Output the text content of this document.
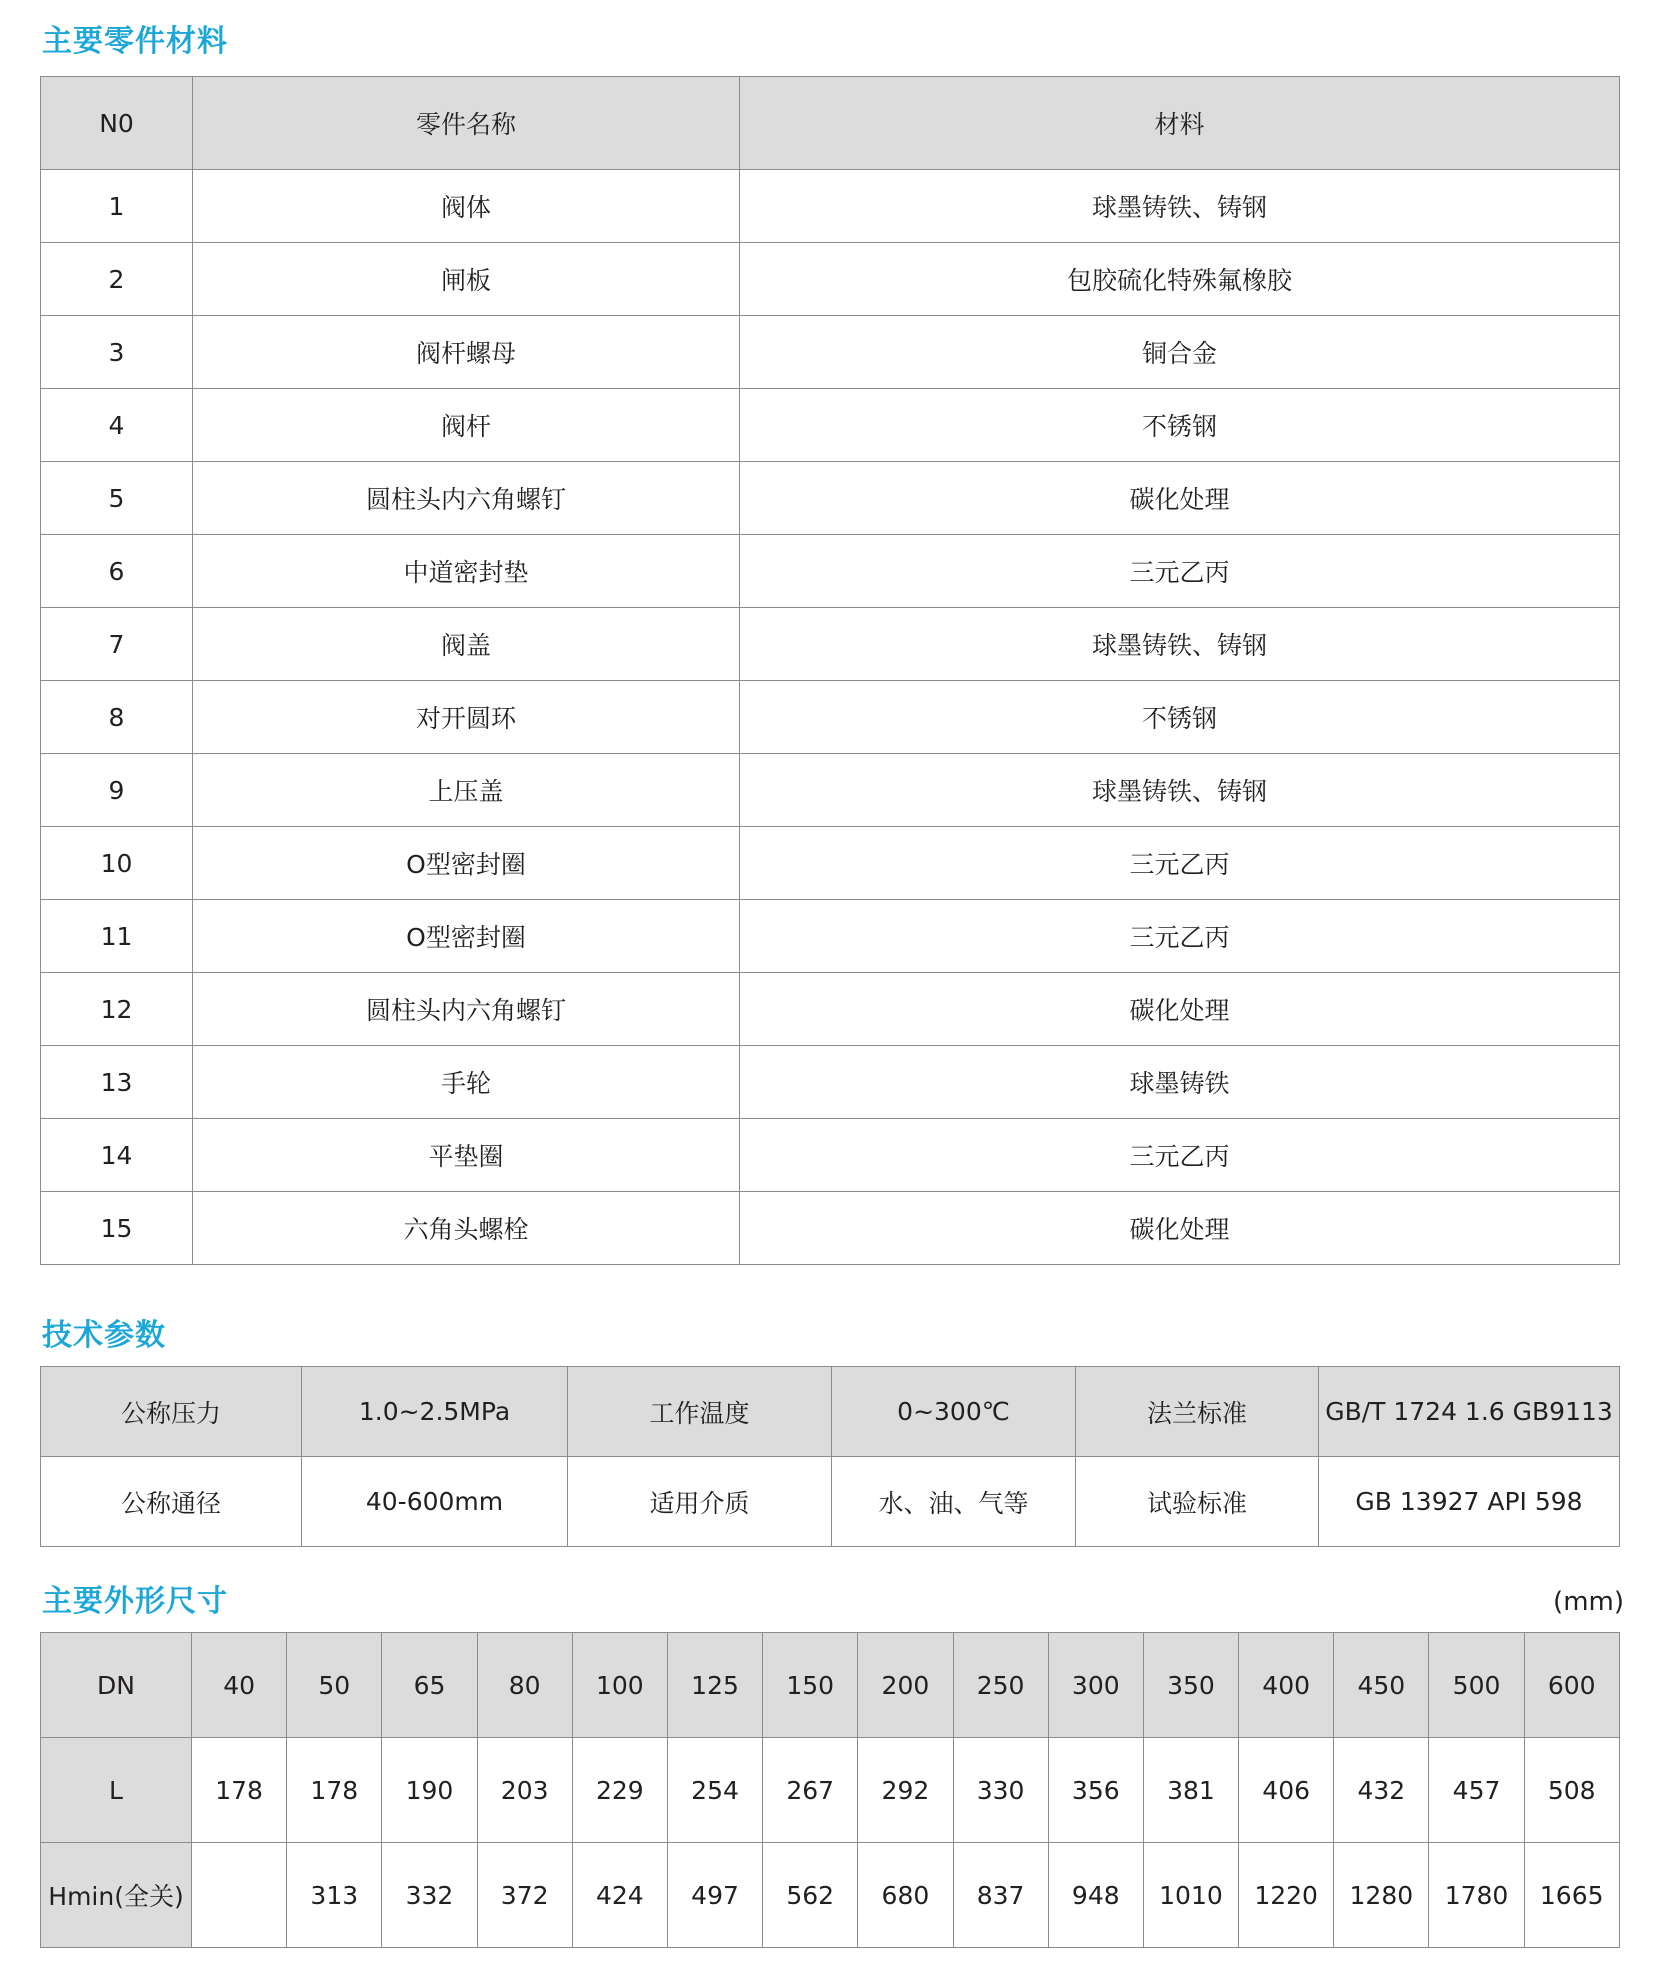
主要零件材料
N0	零件名称	材料
1	阀体	球墨铸铁、铸钢
2	闸板	包胶硫化特殊氟橡胶
3	阀杆螺母	铜合金
4	阀杆	不锈钢
5	圆柱头内六角螺钉	碳化处理
6	中道密封垫	三元乙丙
7	阀盖	球墨铸铁、铸钢
8	对开圆环	不锈钢
9	上压盖	球墨铸铁、铸钢
10	O型密封圈	三元乙丙
11	O型密封圈	三元乙丙
12	圆柱头内六角螺钉	碳化处理
13	手轮	球墨铸铁
14	平垫圈	三元乙丙
15	六角头螺栓	碳化处理
技术参数
公称压力	1.0~2.5MPa	工作温度	0~300℃	法兰标准	GB/T 1724 1.6 GB9113
公称通径	40-600mm	适用介质	水、油、气等	试验标准	GB 13927 API 598
主要外形尺寸	(mm)
DN	40	50	65	80	100	125	150	200	250	300	350	400	450	500	600
L	178	178	190	203	229	254	267	292	330	356	381	406	432	457	508
Hmin(全关)		313	332	372	424	497	562	680	837	948	1010	1220	1280	1780	1665
